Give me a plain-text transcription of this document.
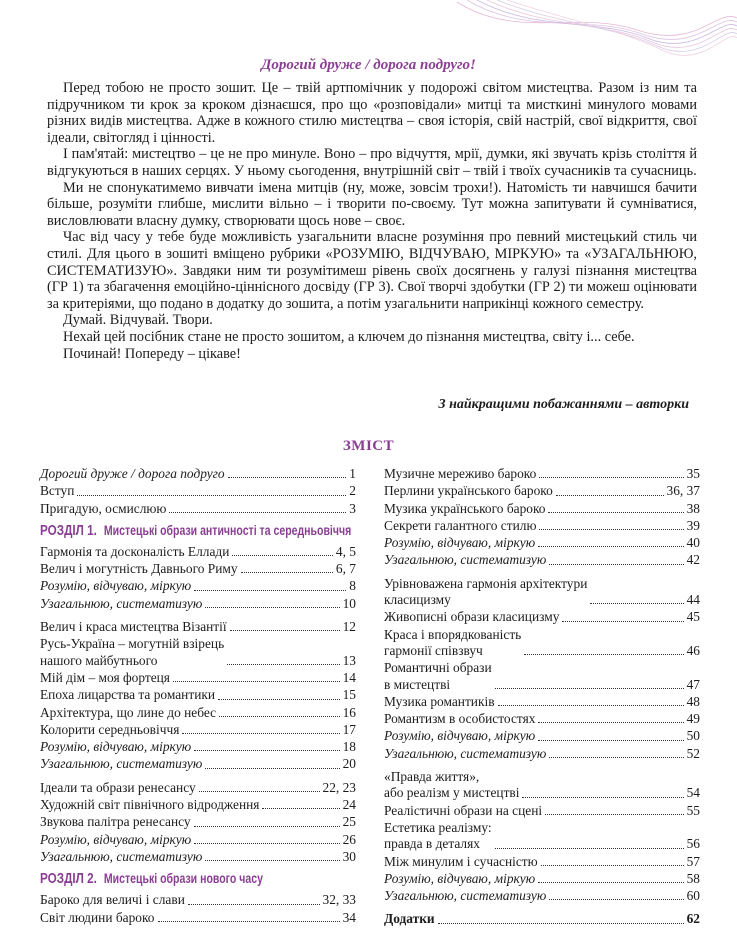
Дорогий друже / дорога подруго!

Перед тобою не просто зошит. Це – твій артпомічник у подорожі світом мистецтва. Разом із ним та підручником ти крок за кроком дізнаєшся, про що «розповідали» митці та мисткині минулого мовами різних видів мистецтва. Адже в кожного стилю мистецтва – своя історія, свій настрій, свої відкриття, свої ідеали, світогляд і цінності.

І пам'ятай: мистецтво – це не про минуле. Воно – про відчуття, мрії, думки, які звучать крізь століття й відгукуються в наших серцях. У ньому сьогодення, внутрішній світ – твій і твоїх сучасників та сучасниць.

Ми не спонукатимемо вивчати імена митців (ну, може, зовсім трохи!). Натомість ти навчишся бачити більше, розуміти глибше, мислити вільно – і творити по-своєму. Тут можна запитувати й сумніватися, висловлювати власну думку, створювати щось нове – своє.

Час від часу у тебе буде можливість узагальнити власне розуміння про певний мистецький стиль чи стилі. Для цього в зошиті вміщено рубрики «РОЗУМІЮ, ВІДЧУВАЮ, МІРКУЮ» та «УЗАГАЛЬНЮЮ, СИСТЕМАТИЗУЮ». Завдяки ним ти розумітимеш рівень своїх досягнень у галузі пізнання мистецтва (ГР 1) та збагачення емоційно-ціннісного досвіду (ГР 3). Свої творчі здобутки (ГР 2) ти можеш оцінювати за критеріями, що подано в додатку до зошита, а потім узагальнити наприкінці кожного семестру.

Думай. Відчувай. Твори.

Нехай цей посібник стане не просто зошитом, а ключем до пізнання мистецтва, світу і... себе.

Починай! Попереду – цікаве!

З найкращими побажаннями – авторки
ЗМІСТ
Дорогий друже / дорога подруго	1
Вступ	2
Пригадую, осмислюю	3
РОЗДІЛ 1. Мистецькі образи античності та середньовіччя
Гармонія та досконалість Еллади	4, 5
Велич і могутність Давнього Риму	6, 7
Розумію, відчуваю, міркую	8
Узагальнюю, систематизую	10
Велич і краса мистецтва Візантії	12
Русь-Україна – могутній взірець
нашого майбутнього	13
Мій дім – моя фортеця	14
Епоха лицарства та романтики	15
Архітектура, що линe до небес	16
Колорити середньовіччя	17
Розумію, відчуваю, міркую	18
Узагальнюю, систематизую	20
Ідеали та образи ренесансу	22, 23
Художній світ північного відродження	24
Звукова палітра ренесансу	25
Розумію, відчуваю, міркую	26
Узагальнюю, систематизую	30
РОЗДІЛ 2. Мистецькі образи нового часу
Бароко для величі і слави	32, 33
Світ людини бароко	34
Музичне мереживо бароко	35
Перлини українського бароко	36, 37
Музика українського бароко	38
Секрети галантного стилю	39
Розумію, відчуваю, міркую	40
Узагальнюю, систематизую	42
Урівноважена гармонія архітектури
класицизму	44
Живописні образи класицизму	45
Краса і впорядкованість
гармонії співзвуч	46
Романтичні образи
в мистецтві	47
Музика романтиків	48
Романтизм в особистостях	49
Розумію, відчуваю, міркую	50
Узагальнюю, систематизую	52
«Правда життя»,
або реалізм у мистецтві	54
Реалістичні образи на сцені	55
Естетика реалізму:
правда в деталях	56
Між минулим і сучасністю	57
Розумію, відчуваю, міркую	58
Узагальнюю, систематизую	60
Додатки	62
